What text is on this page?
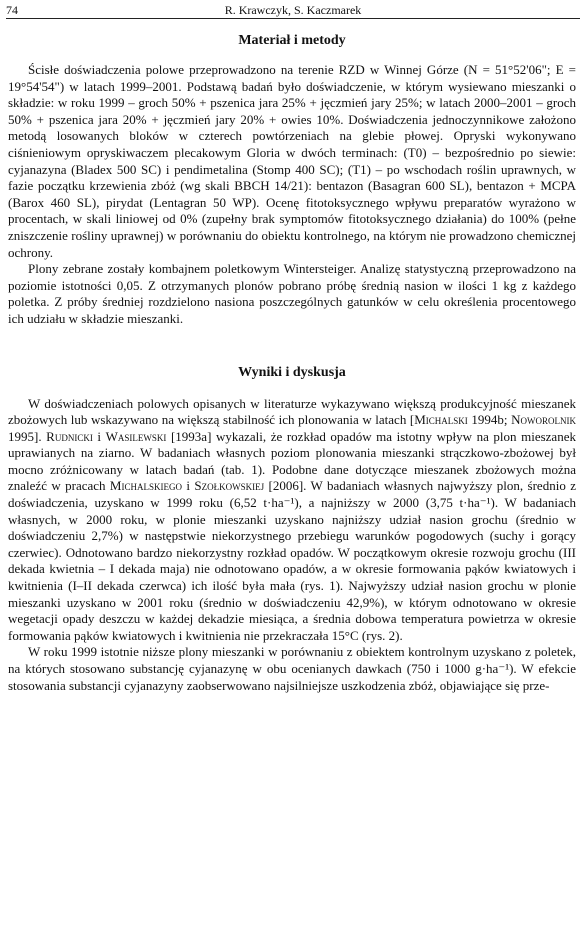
74	R. Krawczyk, S. Kaczmarek
Materiał i metody

Ścisłe doświadczenia polowe przeprowadzono na terenie RZD w Winnej Górze (N = 51°52'06"; E = 19°54'54") w latach 1999–2001. Podstawą badań było doświadczenie, w którym wysiewano mieszanki o składzie: w roku 1999 – groch 50% + pszenica jara 25% + jęczmień jary 25%; w latach 2000–2001 – groch 50% + pszenica jara 20% + jęczmień jary 20% + owies 10%. Doświadczenia jednoczynnikowe założono metodą losowanych bloków w czterech powtórzeniach na glebie płowej. Opryski wykonywano ciśnieniowym opryskiwaczem plecakowym Gloria w dwóch terminach: (T0) – bezpośrednio po siewie: cyjanazyna (Bladex 500 SC) i pendimetalina (Stomp 400 SC); (T1) – po wschodach roślin uprawnych, w fazie początku krzewienia zbóż (wg skali BBCH 14/21): bentazon (Basagran 600 SL), bentazon + MCPA (Barox 460 SL), pirydat (Lentagran 50 WP). Ocenę fitotoksycznego wpływu preparatów wyrażono w procentach, w skali liniowej od 0% (zupełny brak symptomów fitotoksycznego działania) do 100% (pełne zniszczenie rośliny uprawnej) w porównaniu do obiektu kontrolnego, na którym nie prowadzono chemicznej ochrony.

Plony zebrane zostały kombajnem poletkowym Wintersteiger. Analizę statystyczną przeprowadzono na poziomie istotności 0,05. Z otrzymanych plonów pobrano próbę średnią nasion w ilości 1 kg z każdego poletka. Z próby średniej rozdzielono nasiona poszczególnych gatunków w celu określenia procentowego ich udziału w składzie mieszanki.

Wyniki i dyskusja

W doświadczeniach polowych opisanych w literaturze wykazywano większą produkcyjność mieszanek zbożowych lub wskazywano na większą stabilność ich plonowania w latach [Michalski 1994b; Noworolnik 1995]. Rudnicki i Wasilewski [1993a] wykazali, że rozkład opadów ma istotny wpływ na plon mieszanek uprawianych na ziarno. W badaniach własnych poziom plonowania mieszanki strączkowo-zbożowej był mocno zróżnicowany w latach badań (tab. 1). Podobne dane dotyczące mieszanek zbożowych można znaleźć w pracach Michalskiego i Szołkowskiej [2006]. W badaniach własnych najwyższy plon, średnio z doświadczenia, uzyskano w 1999 roku (6,52 t·ha⁻¹), a najniższy w 2000 (3,75 t·ha⁻¹). W badaniach własnych, w 2000 roku, w plonie mieszanki uzyskano najniższy udział nasion grochu (średnio w doświadczeniu 2,7%) w następstwie niekorzystnego przebiegu warunków pogodowych (suchy i gorący czerwiec). Odnotowano bardzo niekorzystny rozkład opadów. W początkowym okresie rozwoju grochu (III dekada kwietnia – I dekada maja) nie odnotowano opadów, a w okresie formowania pąków kwiatowych i kwitnienia (I–II dekada czerwca) ich ilość była mała (rys. 1). Najwyższy udział nasion grochu w plonie mieszanki uzyskano w 2001 roku (średnio w doświadczeniu 42,9%), w którym odnotowano w okresie wegetacji opady deszczu w każdej dekadzie miesiąca, a średnia dobowa temperatura powietrza w okresie formowania pąków kwiatowych i kwitnienia nie przekraczała 15°C (rys. 2).

W roku 1999 istotnie niższe plony mieszanki w porównaniu z obiektem kontrolnym uzyskano z poletek, na których stosowano substancję cyjanazynę w obu ocenianych dawkach (750 i 1000 g·ha⁻¹). W efekcie stosowania substancji cyjanazyny zaobserwowano najsilniejsze uszkodzenia zbóż, objawiające się prze-
